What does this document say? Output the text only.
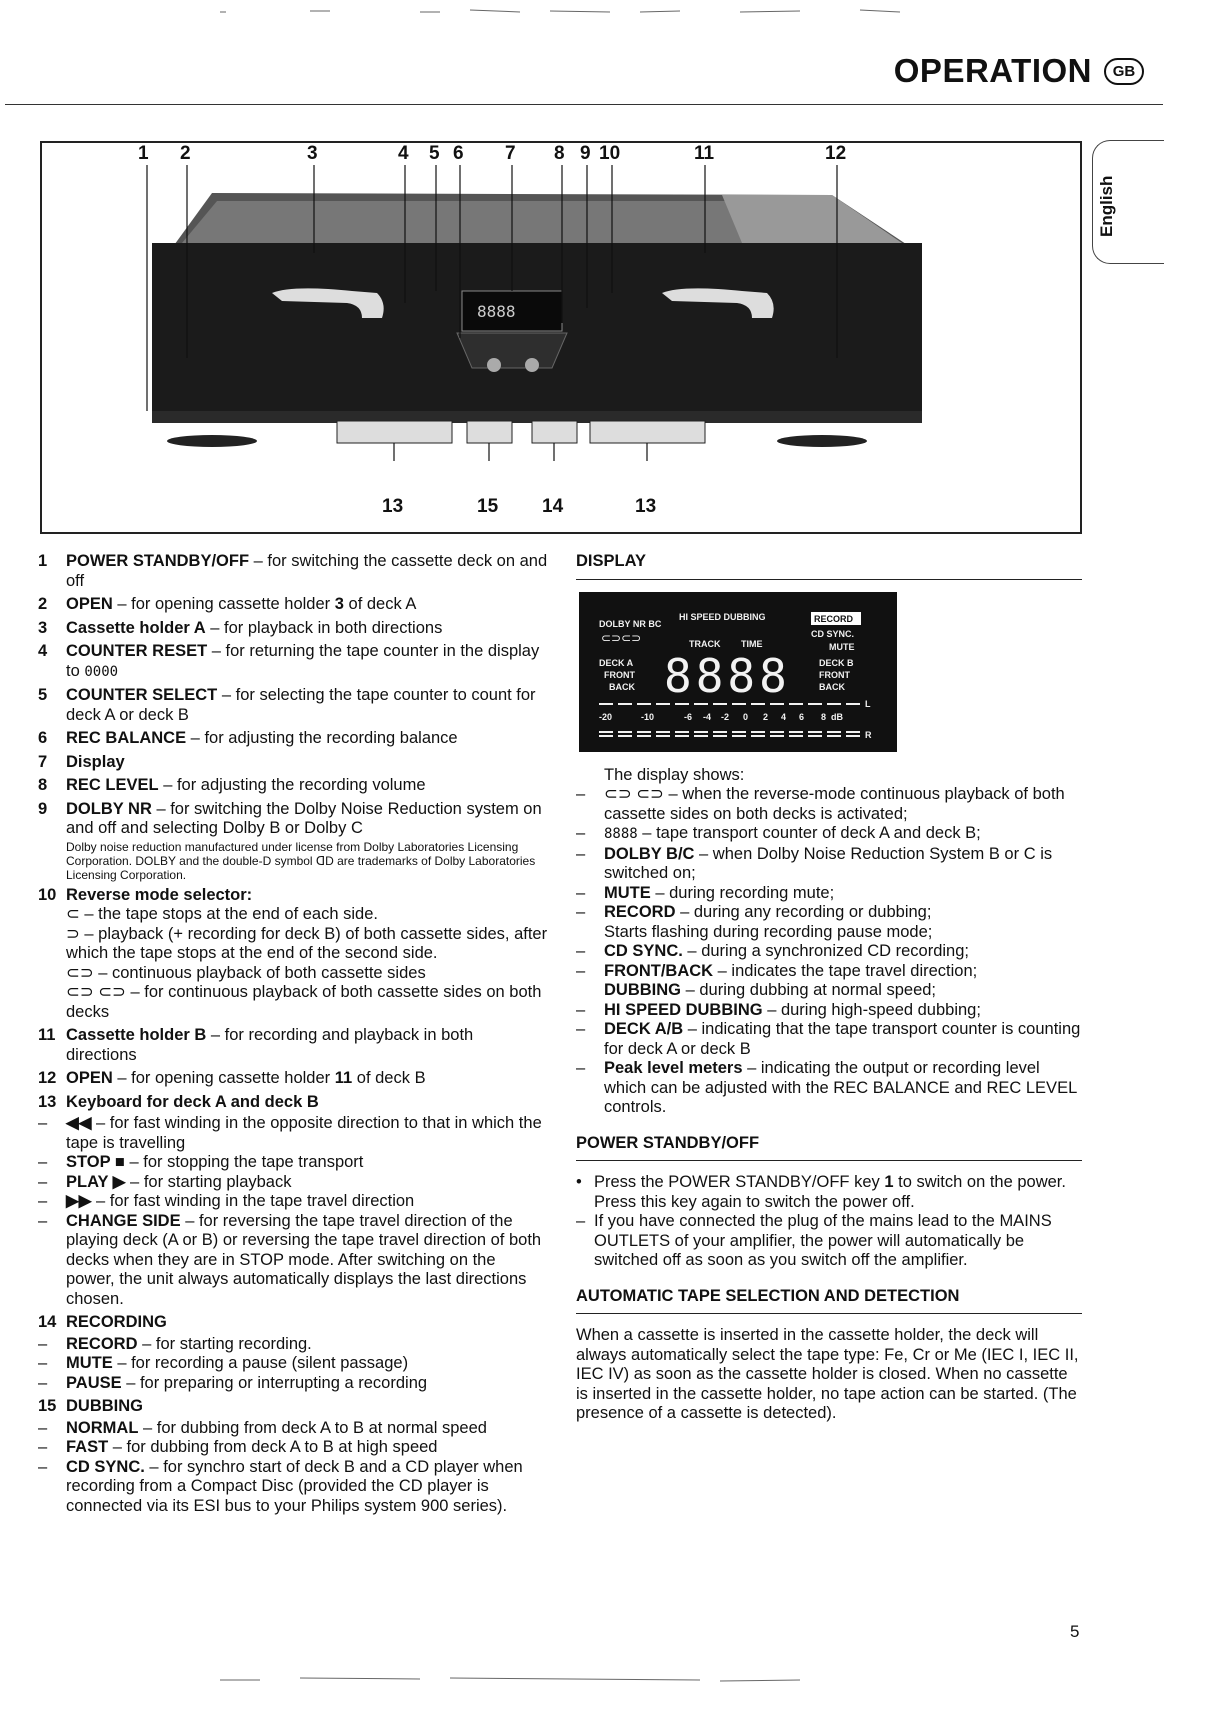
OPERATION	GB
English
8888
1 2	3	4 5 6 7 8 9 10	11	12
13	15 14	13
1	POWER STANDBY/OFF – for switching the cassette deck on and off
2	OPEN – for opening cassette holder 3 of deck A
3	Cassette holder A – for playback in both directions
4	COUNTER RESET – for returning the tape counter in the display to 0000
5	COUNTER SELECT – for selecting the tape counter to count for deck A or deck B
6	REC BALANCE – for adjusting the recording balance
7	Display
8	REC LEVEL – for adjusting the recording volume
9	DOLBY NR – for switching the Dolby Noise Reduction system on and off and selecting Dolby B or Dolby C
Dolby noise reduction manufactured under license from Dolby Laboratories Licensing Corporation. DOLBY and the double-D symbol ᗡD are trademarks of Dolby Laboratories Licensing Corporation.
10 Reverse mode selector:
⊂ – the tape stops at the end of each side.
⊃ – playback (+ recording for deck B) of both cassette sides, after which the tape stops at the end of the second side.
⊂⊃ – continuous playback of both cassette sides
⊂⊃ ⊂⊃ – for continuous playback of both cassette sides on both decks
11 Cassette holder B – for recording and playback in both directions
12 OPEN – for opening cassette holder 11 of deck B
13 Keyboard for deck A and deck B
–
◀◀ – for fast winding in the opposite direction to that in which the tape is travelling
–
STOP ■ – for stopping the tape transport
–
PLAY ▶ – for starting playback
–
▶▶ – for fast winding in the tape travel direction
–
CHANGE SIDE – for reversing the tape travel direction of the playing deck (A or B) or reversing the tape travel direction of both decks when they are in STOP mode. After switching on the power, the unit always automatically displays the last directions chosen.
14 RECORDING
–
RECORD – for starting recording.
–
MUTE – for recording a pause (silent passage)
–
PAUSE – for preparing or interrupting a recording
15 DUBBING
–
NORMAL – for dubbing from deck A to B at normal speed
–
FAST – for dubbing from deck A to B at high speed
–
CD SYNC. – for synchro start of deck B and a CD player when recording from a Compact Disc (provided the CD player is connected via its ESI bus to your Philips system 900 series).
DISPLAY
DOLBY NR BC
HI SPEED DUBBING
TRACK TIME
CD SYNC.
MUTE
DECK A
FRONT
BACK
DECK B
FRONT
BACK
RECORD
⊂⊃⊂⊃
8888
-20	-10	-6 -4 -2 0 2 4 6 8 dB
L
R
The display shows:
–
⊂⊃ ⊂⊃ – when the reverse-mode continuous playback of both cassette sides on both decks is activated;
–
8888 – tape transport counter of deck A and deck B;
–
DOLBY B/C – when Dolby Noise Reduction System B or C is switched on;
–
MUTE – during recording mute;
–
RECORD – during any recording or dubbing;
Starts flashing during recording pause mode;
–
CD SYNC. – during a synchronized CD recording;
–
FRONT/BACK – indicates the tape travel direction;
DUBBING – during dubbing at normal speed;
–
HI SPEED DUBBING – during high-speed dubbing;
–
DECK A/B – indicating that the tape transport counter is counting for deck A or deck B
–
Peak level meters – indicating the output or recording level which can be adjusted with the REC BALANCE and REC LEVEL controls.
POWER STANDBY/OFF
• Press the POWER STANDBY/OFF key 1 to switch on the power. Press this key again to switch the power off.
– If you have connected the plug of the mains lead to the MAINS OUTLETS of your amplifier, the power will automatically be switched off as soon as you switch off the amplifier.
AUTOMATIC TAPE SELECTION AND DETECTION
When a cassette is inserted in the cassette holder, the deck will always automatically select the tape type: Fe, Cr or Me (IEC I, IEC II, IEC IV) as soon as the cassette holder is closed. When no cassette is inserted in the cassette holder, no tape action can be started. (The presence of a cassette is detected).
5
